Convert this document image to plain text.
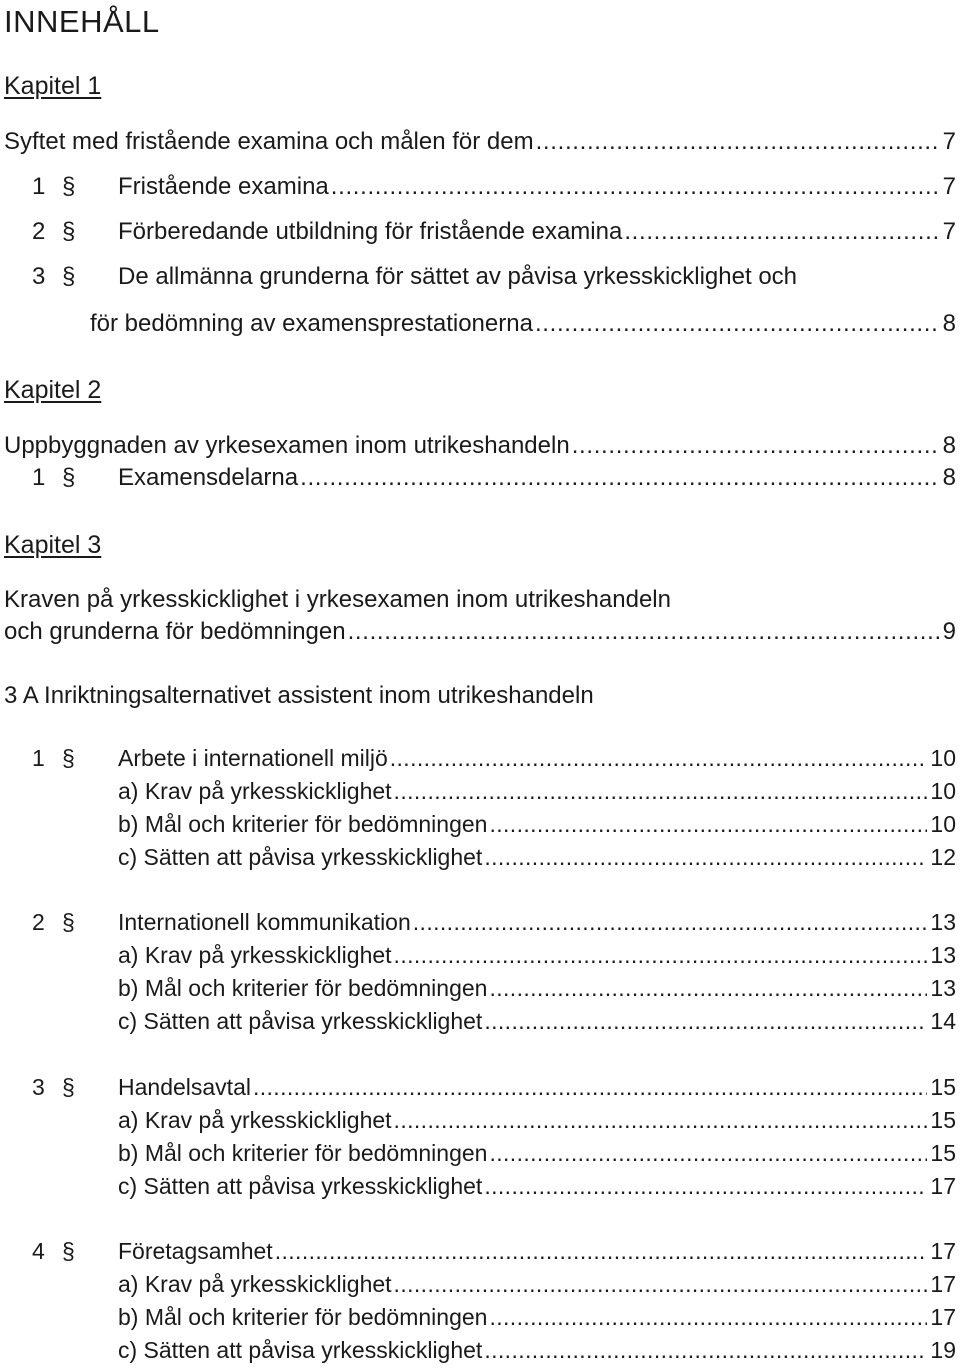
INNEHÅLL
Kapitel 1
Syftet med fristående examina och målen för dem . . .	7
1 §	Fristående examina . . .	7
2 §	Förberedande utbildning för fristående examina . . .	7
3 §	De allmänna grunderna för sättet av påvisa yrkesskicklighet och
för bedömning av examensprestationerna . . .	8
Kapitel 2
Uppbyggnaden av yrkesexamen inom utrikeshandeln . . .	8
1 §	Examensdelarna . . .	8
Kapitel 3
Kraven på yrkesskicklighet i yrkesexamen inom utrikeshandeln
och grunderna för bedömningen . . .	9
3 A Inriktningsalternativet assistent inom utrikeshandeln
1 §	Arbete i internationell miljö . . .	10
a) Krav på yrkesskicklighet . . .	10
b) Mål och kriterier för bedömningen . . .	10
c) Sätten att påvisa yrkesskicklighet . . .	12
2 §	Internationell kommunikation . . .	13
a) Krav på yrkesskicklighet . . .	13
b) Mål och kriterier för bedömningen . . .	13
c) Sätten att påvisa yrkesskicklighet . . .	14
3 §	Handelsavtal . . .	15
a) Krav på yrkesskicklighet . . .	15
b) Mål och kriterier för bedömningen . . .	15
c) Sätten att påvisa yrkesskicklighet . . .	17
4 §	Företagsamhet . . .	17
a) Krav på yrkesskicklighet . . .	17
b) Mål och kriterier för bedömningen . . .	17
c) Sätten att påvisa yrkesskicklighet . . .	19
